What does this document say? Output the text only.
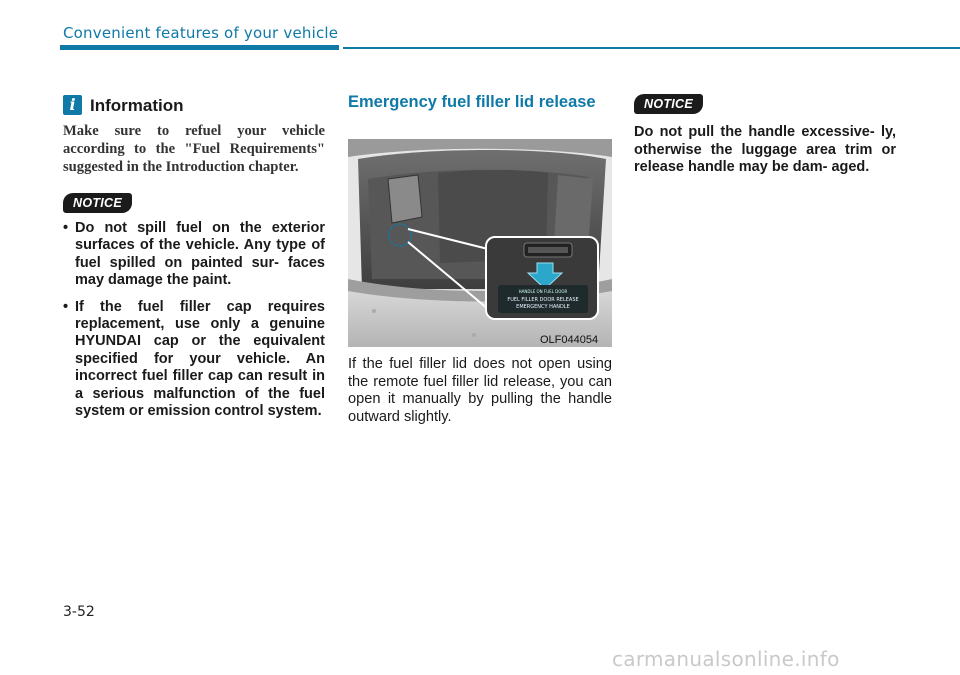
Convenient features of your vehicle
i Information
Make sure to refuel your vehicle according to the "Fuel Requirements" suggested in the Introduction chapter.
NOTICE
• Do not spill fuel on the exterior surfaces of the vehicle. Any type of fuel spilled on painted sur- faces may damage the paint.
• If the fuel filler cap requires replacement, use only a genuine HYUNDAI cap or the equivalent specified for your vehicle. An incorrect fuel filler cap can result in a serious malfunction of the fuel system or emission control system.
Emergency fuel filler lid release
HANDLE ON FUEL DOOR
FUEL FILLER DOOR RELEASE
EMERGENCY HANDLE
OLF044054
If the fuel filler lid does not open using the remote fuel filler lid release, you can open it manually by pulling the handle outward slightly.
NOTICE
Do not pull the handle excessive- ly, otherwise the luggage area trim or release handle may be dam- aged.
3-52
carmanualsonline.info
